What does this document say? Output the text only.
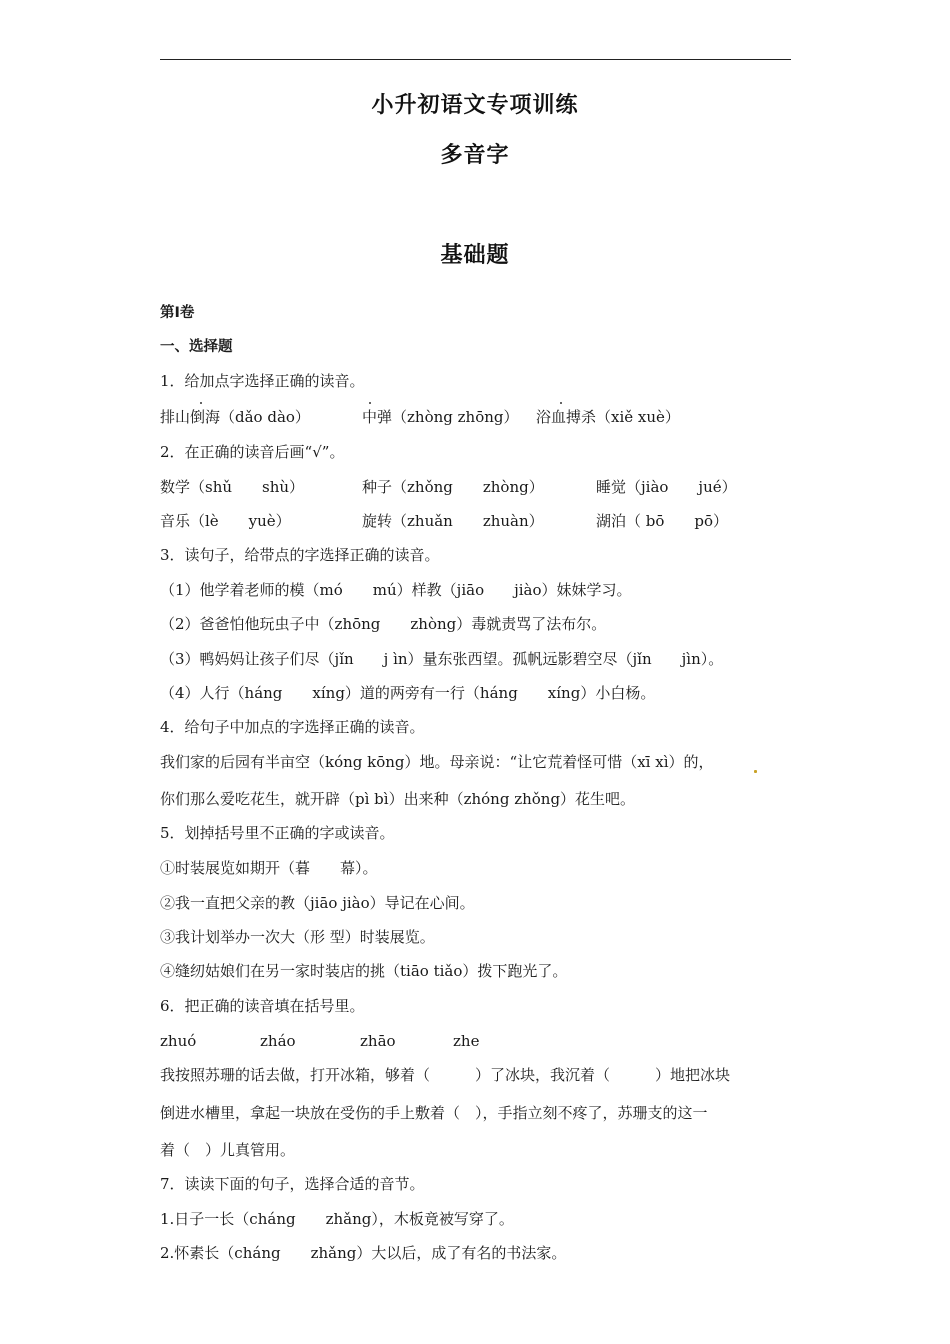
小升初语文专项训练
多音字
基础题
第Ⅰ卷
一、选择题
1．给加点字选择正确的读音。
排山倒海（dǎo dào）	中弹（zhòng zhōng） 浴血搏杀（xiě xuè）
2．在正确的读音后画“√”。
数学（shǔ　　shù）	种子（zhǒng　　zhòng）	睡觉（jiào　　jué）
音乐（lè　　yuè）	旋转（zhuǎn　　zhuàn）	湖泊（ bō　　pō）
3．读句子，给带点的字选择正确的读音。
（1）他学着老师的模（mó　　mú）样教（jiāo　　jiào）妹妹学习。
（2）爸爸怕他玩虫子中（zhōng　　zhòng）毒就责骂了法布尔。
（3）鸭妈妈让孩子们尽（jǐn　　j ìn）量东张西望。孤帆远影碧空尽（jǐn　　jìn）。
（4）人行（háng　　xíng）道的两旁有一行（háng　　xíng）小白杨。
4．给句子中加点的字选择正确的读音。
我们家的后园有半亩空（kóng kōng）地。母亲说：“让它荒着怪可惜（xī xì）的，
你们那么爱吃花生，就开辟（pì bì）出来种（zhóng zhǒng）花生吧。
5．划掉括号里不正确的字或读音。
①时装展览如期开（暮　　幕）。
②我一直把父亲的教（jiāo jiào）导记在心间。
③我计划举办一次大（形 型）时装展览。
④缝纫姑娘们在另一家时装店的挑（tiāo tiǎo）拨下跑光了。
6．把正确的读音填在括号里。
zhuó	zháo	zhāo	zhe
我按照苏珊的话去做，打开冰箱，够着（　　　）了冰块，我沉着（　　　）地把冰块
倒进水槽里，拿起一块放在受伤的手上敷着（　），手指立刻不疼了，苏珊支的这一
着（　）儿真管用。
7．读读下面的句子，选择合适的音节。
1.日子一长（cháng　　zhǎng），木板竟被写穿了。
2.怀素长（cháng　　zhǎng）大以后，成了有名的书法家。
